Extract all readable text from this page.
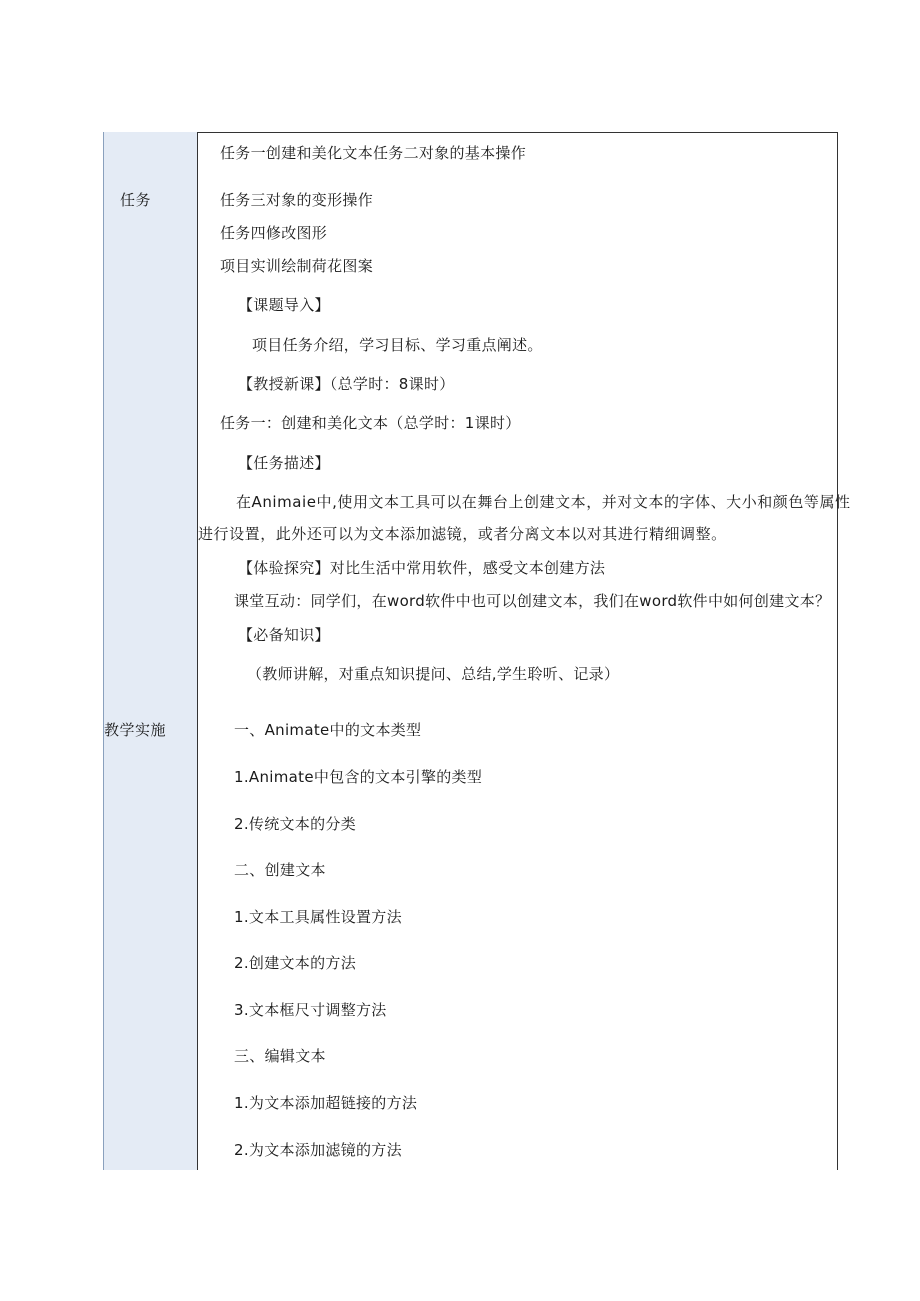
任务
教学实施
任务一创建和美化文本任务二对象的基本操作
任务三对象的变形操作
任务四修改图形
项目实训绘制荷花图案
【课题导入】
项目任务介绍，学习目标、学习重点阐述。
【教授新课】（总学时：8课时）
任务一：创建和美化文本（总学时：1课时）
【任务描述】
在Animaie中,使用文本工具可以在舞台上创建文本，并对文本的字体、大小和颜色等属性
进行设置，此外还可以为文本添加滤镜，或者分离文本以对其进行精细调整。
【体验探究】对比生活中常用软件，感受文本创建方法
课堂互动：同学们，在word软件中也可以创建文本，我们在word软件中如何创建文本？
【必备知识】
（教师讲解，对重点知识提问、总结,学生聆听、记录）
一、Animate中的文本类型
1.Animate中包含的文本引擎的类型
2.传统文本的分类
二、创建文本
1.文本工具属性设置方法
2.创建文本的方法
3.文本框尺寸调整方法
三、编辑文本
1.为文本添加超链接的方法
2.为文本添加滤镜的方法
